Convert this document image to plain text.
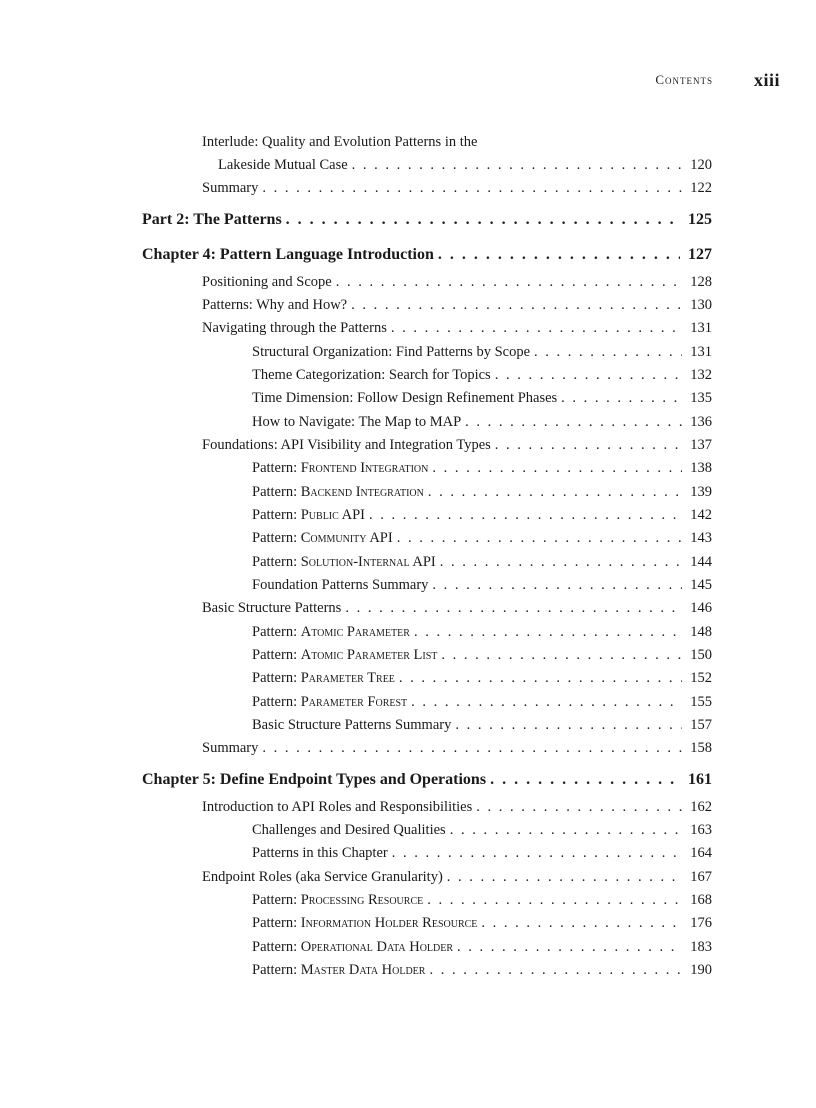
Contents xiii
Interlude: Quality and Evolution Patterns in the
Lakeside Mutual Case . . .	120
Summary . . .	122
Part 2: The Patterns . . .	125
Chapter 4: Pattern Language Introduction . . .	127
Positioning and Scope . . .	128
Patterns: Why and How? . . .	130
Navigating through the Patterns . . .	131
Structural Organization: Find Patterns by Scope . . .	131
Theme Categorization: Search for Topics . . .	132
Time Dimension: Follow Design Refinement Phases . . .	135
How to Navigate: The Map to MAP . . .	136
Foundations: API Visibility and Integration Types . . .	137
Pattern: Frontend Integration . . .	138
Pattern: Backend Integration . . .	139
Pattern: Public API . . .	142
Pattern: Community API . . .	143
Pattern: Solution-Internal API . . .	144
Foundation Patterns Summary . . .	145
Basic Structure Patterns . . .	146
Pattern: Atomic Parameter . . .	148
Pattern: Atomic Parameter List . . .	150
Pattern: Parameter Tree . . .	152
Pattern: Parameter Forest . . .	155
Basic Structure Patterns Summary . . .	157
Summary . . .	158
Chapter 5: Define Endpoint Types and Operations . . .	161
Introduction to API Roles and Responsibilities . . .	162
Challenges and Desired Qualities . . .	163
Patterns in this Chapter . . .	164
Endpoint Roles (aka Service Granularity) . . .	167
Pattern: Processing Resource . . .	168
Pattern: Information Holder Resource . . .	176
Pattern: Operational Data Holder . . .	183
Pattern: Master Data Holder . . .	190
